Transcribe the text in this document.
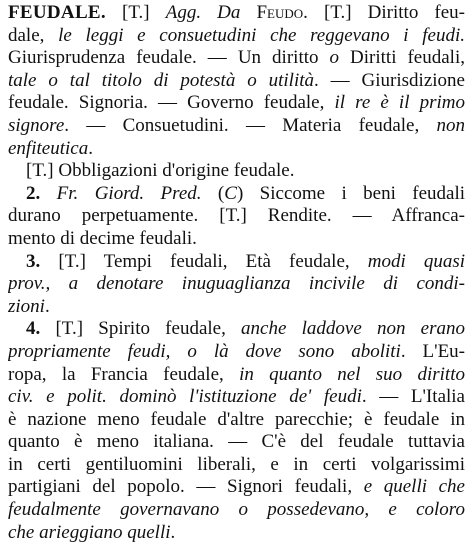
FEUDALE. [T.] Agg. Da Feudo. [T.] Diritto feu-
dale, le leggi e consuetudini che reggevano i feudi.
Giurisprudenza feudale. — Un diritto o Diritti feudali,
tale o tal titolo di potestà o utilità. — Giurisdizione
feudale. Signoria. — Governo feudale, il re è il primo
signore. — Consuetudini. — Materia feudale, non
enfiteutica.
[T.] Obbligazioni d'origine feudale.
2. Fr. Giord. Pred. (C) Siccome i beni feudali
durano perpetuamente. [T.] Rendite. — Affranca-
mento di decime feudali.
3. [T.] Tempi feudali, Età feudale, modi quasi
prov., a denotare inuguaglianza incivile di condi-
zioni.
4. [T.] Spirito feudale, anche laddove non erano
propriamente feudi, o là dove sono aboliti. L'Eu-
ropa, la Francia feudale, in quanto nel suo diritto
civ. e polit. dominò l'istituzione de' feudi. — L'Italia
è nazione meno feudale d'altre parecchie; è feudale in
quanto è meno italiana. — C'è del feudale tuttavia
in certi gentiluomini liberali, e in certi volgarissimi
partigiani del popolo. — Signori feudali, e quelli che
feudalmente governavano o possedevano, e coloro
che arieggiano quelli.
